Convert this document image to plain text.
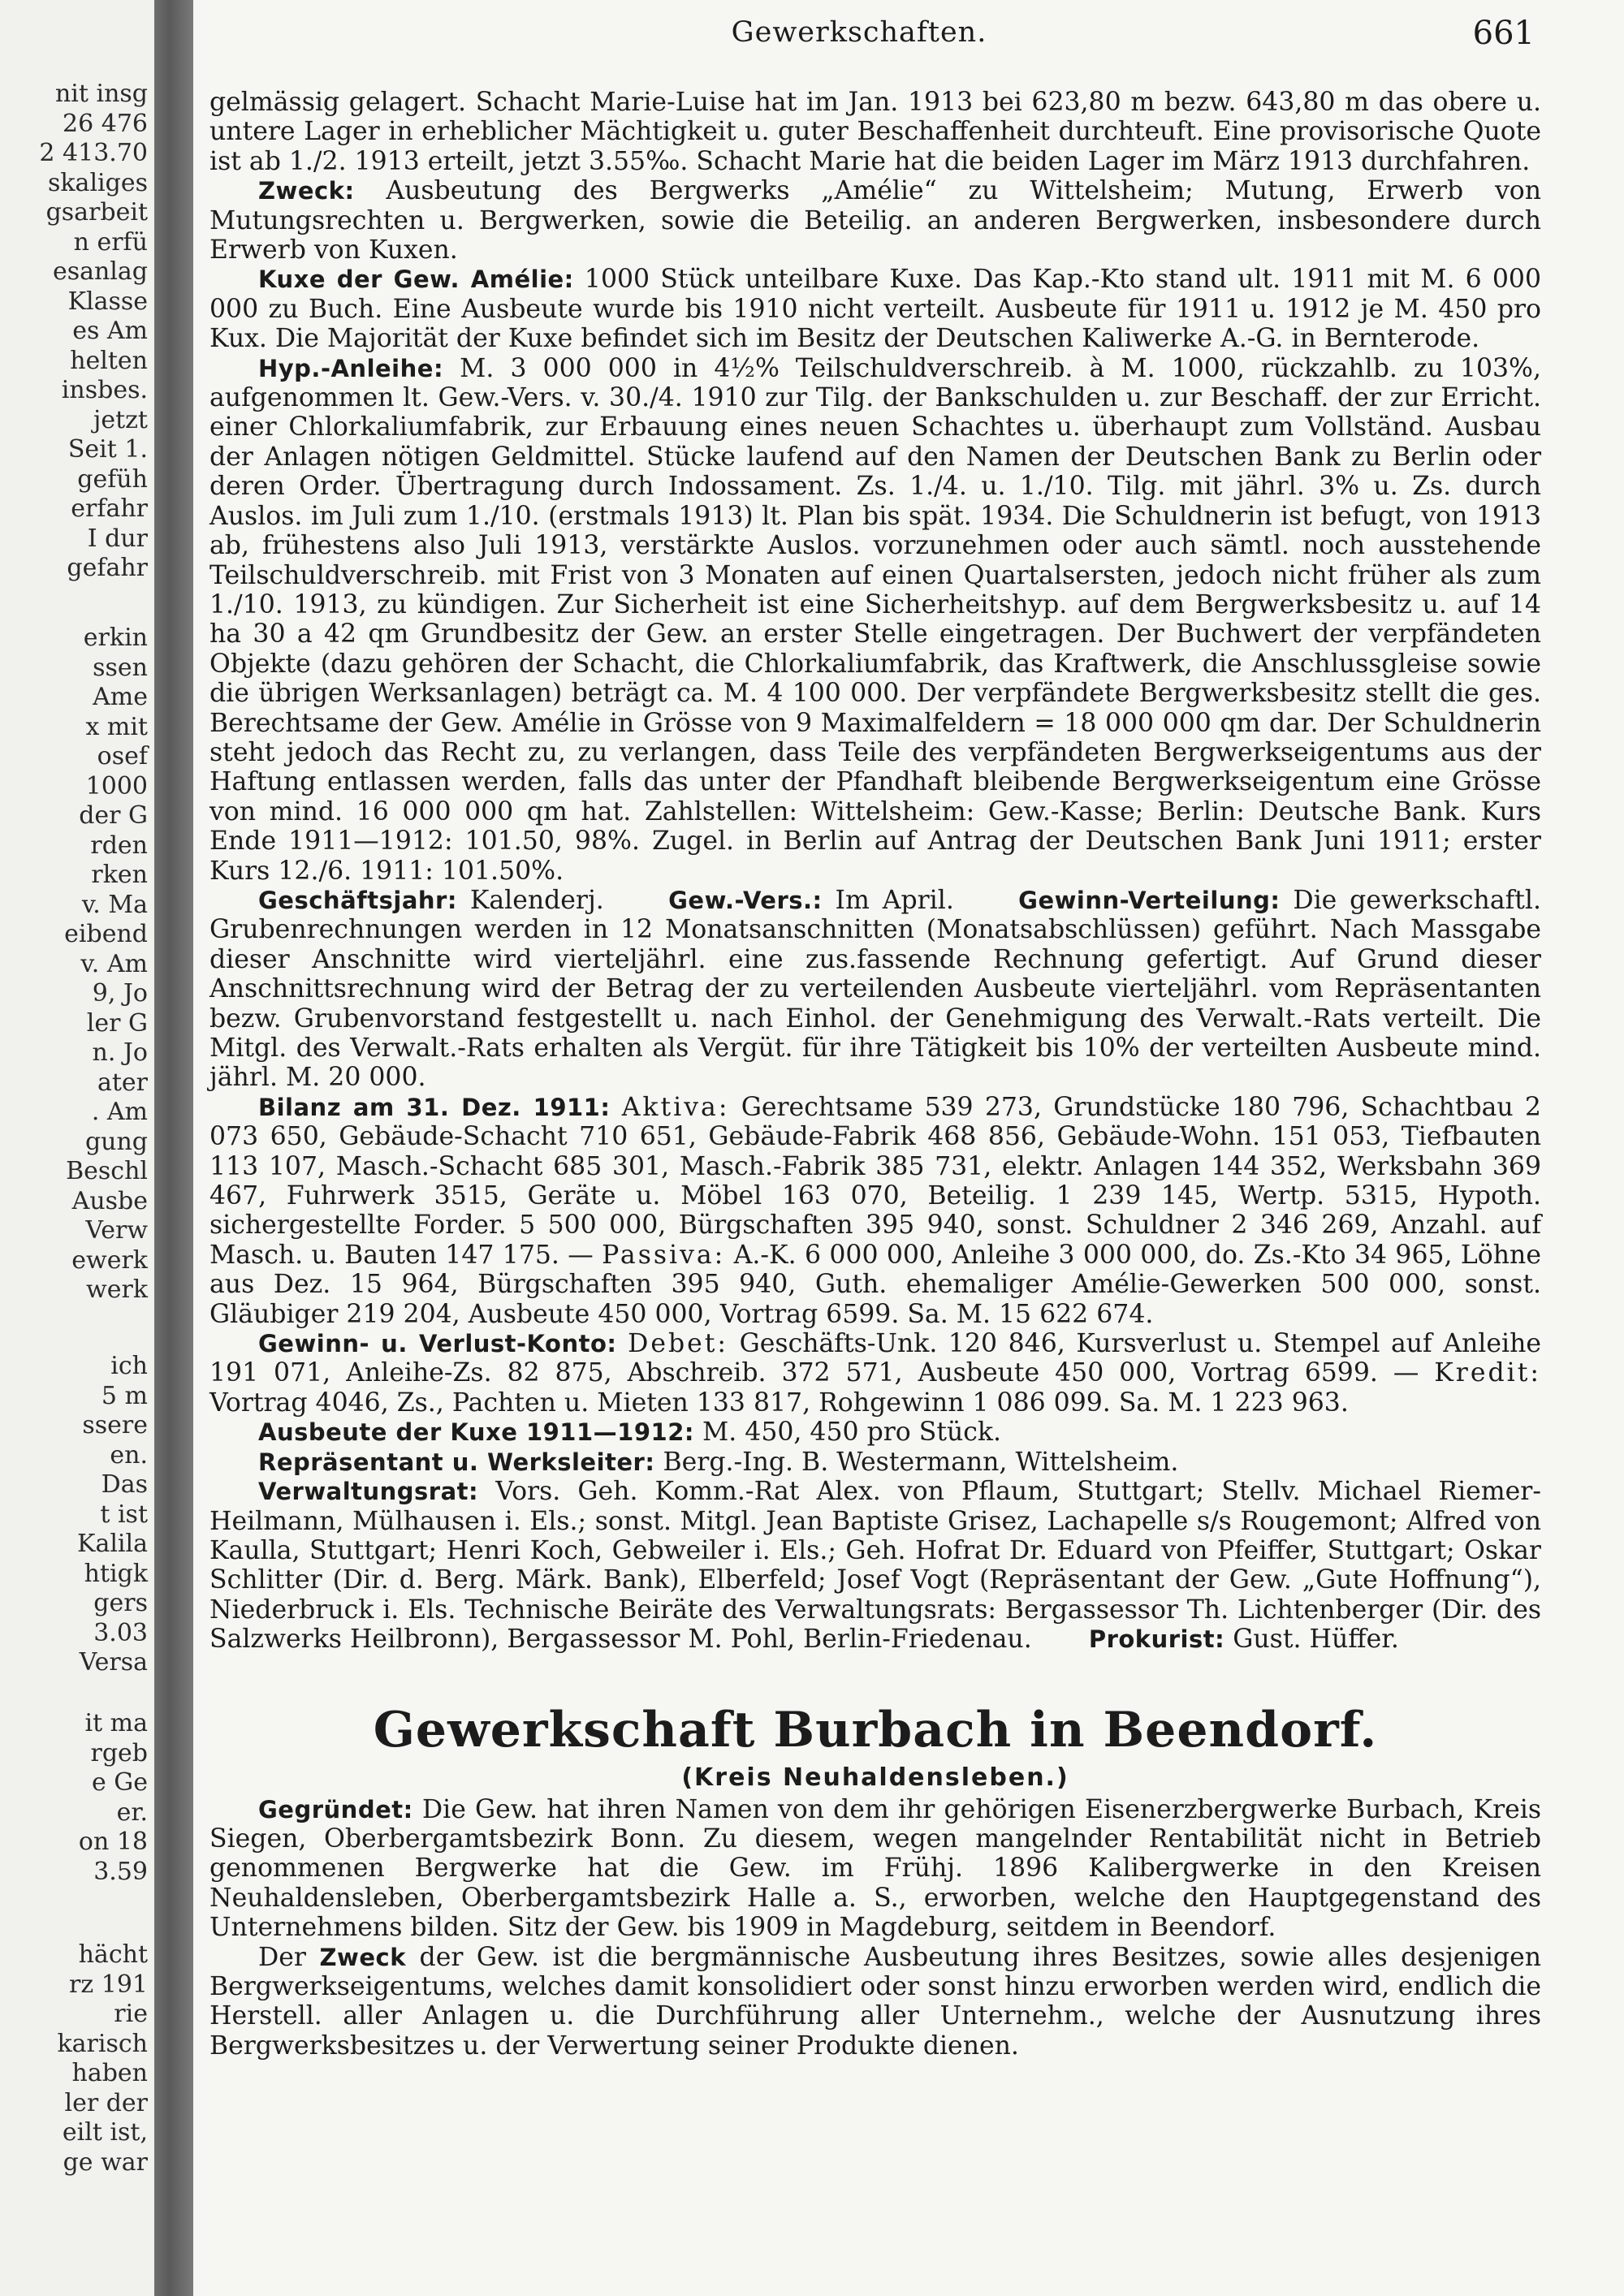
nit insg
26 476
2 413.70
skaliges
gsarbeit
n erfü
esanlag
Klasse
es Am
helten
insbes.
jetzt
Seit 1.
gefüh
erfahr
I dur
gefahr
erkin
ssen
Ame
x mit
osef
1000
der G
rden
rken
v. Ma
eibend
v. Am
9, Jo
ler G
n. Jo
ater
. Am
gung
Beschl
Ausbe
Verw
ewerk
werk
ich
5 m
ssere
en.
Das
t ist
Kalila
htigk
gers
3.03
Versa
it ma
rgeb
e Ge
er.
on 18
3.59
hächt
rz 191
rie
karisch
haben
ler der
eilt ist,
ge war
Gewerkschaften.	661

gelmässig gelagert. Schacht Marie-Luise hat im Jan. 1913 bei 623,80 m bezw. 643,80 m das obere u. untere Lager in erheblicher Mächtigkeit u. guter Beschaffenheit durchteuft. Eine provisorische Quote ist ab 1./2. 1913 erteilt, jetzt 3.55‰. Schacht Marie hat die beiden Lager im März 1913 durchfahren.

Zweck: Ausbeutung des Bergwerks „Amélie“ zu Wittelsheim; Mutung, Erwerb von Mutungsrechten u. Bergwerken, sowie die Beteilig. an anderen Bergwerken, insbesondere durch Erwerb von Kuxen.

Kuxe der Gew. Amélie: 1000 Stück unteilbare Kuxe. Das Kap.-Kto stand ult. 1911 mit M. 6 000 000 zu Buch. Eine Ausbeute wurde bis 1910 nicht verteilt. Ausbeute für 1911 u. 1912 je M. 450 pro Kux. Die Majorität der Kuxe befindet sich im Besitz der Deutschen Kaliwerke A.-G. in Bernterode.

Hyp.-Anleihe: M. 3 000 000 in 4½% Teilschuldverschreib. à M. 1000, rückzahlb. zu 103%, aufgenommen lt. Gew.-Vers. v. 30./4. 1910 zur Tilg. der Bankschulden u. zur Beschaff. der zur Erricht. einer Chlorkaliumfabrik, zur Erbauung eines neuen Schachtes u. überhaupt zum Vollständ. Ausbau der Anlagen nötigen Geldmittel. Stücke laufend auf den Namen der Deutschen Bank zu Berlin oder deren Order. Übertragung durch Indossament. Zs. 1./4. u. 1./10. Tilg. mit jährl. 3% u. Zs. durch Auslos. im Juli zum 1./10. (erstmals 1913) lt. Plan bis spät. 1934. Die Schuldnerin ist befugt, von 1913 ab, frühestens also Juli 1913, verstärkte Auslos. vorzunehmen oder auch sämtl. noch ausstehende Teilschuldverschreib. mit Frist von 3 Monaten auf einen Quartalsersten, jedoch nicht früher als zum 1./10. 1913, zu kündigen. Zur Sicherheit ist eine Sicherheitshyp. auf dem Bergwerksbesitz u. auf 14 ha 30 a 42 qm Grundbesitz der Gew. an erster Stelle eingetragen. Der Buchwert der verpfändeten Objekte (dazu gehören der Schacht, die Chlorkaliumfabrik, das Kraftwerk, die Anschlussgleise sowie die übrigen Werksanlagen) beträgt ca. M. 4 100 000. Der verpfändete Bergwerksbesitz stellt die ges. Berechtsame der Gew. Amélie in Grösse von 9 Maximalfeldern = 18 000 000 qm dar. Der Schuldnerin steht jedoch das Recht zu, zu verlangen, dass Teile des verpfändeten Bergwerkseigentums aus der Haftung entlassen werden, falls das unter der Pfandhaft bleibende Bergwerkseigentum eine Grösse von mind. 16 000 000 qm hat. Zahlstellen: Wittelsheim: Gew.-Kasse; Berlin: Deutsche Bank. Kurs Ende 1911—1912: 101.50, 98%. Zugel. in Berlin auf Antrag der Deutschen Bank Juni 1911; erster Kurs 12./6. 1911: 101.50%.

Geschäftsjahr: Kalenderj.	Gew.-Vers.: Im April.	Gewinn-Verteilung: Die gewerkschaftl. Grubenrechnungen werden in 12 Monatsanschnitten (Monatsabschlüssen) geführt. Nach Massgabe dieser Anschnitte wird vierteljährl. eine zus.fassende Rechnung gefertigt. Auf Grund dieser Anschnittsrechnung wird der Betrag der zu verteilenden Ausbeute vierteljährl. vom Repräsentanten bezw. Grubenvorstand festgestellt u. nach Einhol. der Genehmigung des Verwalt.-Rats verteilt. Die Mitgl. des Verwalt.-Rats erhalten als Vergüt. für ihre Tätigkeit bis 10% der verteilten Ausbeute mind. jährl. M. 20 000.

Bilanz am 31. Dez. 1911: Aktiva: Gerechtsame 539 273, Grundstücke 180 796, Schachtbau 2 073 650, Gebäude-Schacht 710 651, Gebäude-Fabrik 468 856, Gebäude-Wohn. 151 053, Tiefbauten 113 107, Masch.-Schacht 685 301, Masch.-Fabrik 385 731, elektr. Anlagen 144 352, Werksbahn 369 467, Fuhrwerk 3515, Geräte u. Möbel 163 070, Beteilig. 1 239 145, Wertp. 5315, Hypoth. sichergestellte Forder. 5 500 000, Bürgschaften 395 940, sonst. Schuldner 2 346 269, Anzahl. auf Masch. u. Bauten 147 175. — Passiva: A.-K. 6 000 000, Anleihe 3 000 000, do. Zs.-Kto 34 965, Löhne aus Dez. 15 964, Bürgschaften 395 940, Guth. ehemaliger Amélie-Gewerken 500 000, sonst. Gläubiger 219 204, Ausbeute 450 000, Vortrag 6599. Sa. M. 15 622 674.

Gewinn- u. Verlust-Konto: Debet: Geschäfts-Unk. 120 846, Kursverlust u. Stempel auf Anleihe 191 071, Anleihe-Zs. 82 875, Abschreib. 372 571, Ausbeute 450 000, Vortrag 6599. — Kredit: Vortrag 4046, Zs., Pachten u. Mieten 133 817, Rohgewinn 1 086 099. Sa. M. 1 223 963.

Ausbeute der Kuxe 1911—1912: M. 450, 450 pro Stück.

Repräsentant u. Werksleiter: Berg.-Ing. B. Westermann, Wittelsheim.

Verwaltungsrat: Vors. Geh. Komm.-Rat Alex. von Pflaum, Stuttgart; Stellv. Michael Riemer-Heilmann, Mülhausen i. Els.; sonst. Mitgl. Jean Baptiste Grisez, Lachapelle s/s Rougemont; Alfred von Kaulla, Stuttgart; Henri Koch, Gebweiler i. Els.; Geh. Hofrat Dr. Eduard von Pfeiffer, Stuttgart; Oskar Schlitter (Dir. d. Berg. Märk. Bank), Elberfeld; Josef Vogt (Repräsentant der Gew. „Gute Hoffnung“), Niederbruck i. Els. Technische Beiräte des Verwaltungsrats: Bergassessor Th. Lichtenberger (Dir. des Salzwerks Heilbronn), Bergassessor M. Pohl, Berlin-Friedenau. Prokurist: Gust. Hüffer.

Gewerkschaft Burbach in Beendorf.
(Kreis Neuhaldensleben.)

Gegründet: Die Gew. hat ihren Namen von dem ihr gehörigen Eisenerzbergwerke Burbach, Kreis Siegen, Oberbergamtsbezirk Bonn. Zu diesem, wegen mangelnder Rentabilität nicht in Betrieb genommenen Bergwerke hat die Gew. im Frühj. 1896 Kalibergwerke in den Kreisen Neuhaldensleben, Oberbergamtsbezirk Halle a. S., erworben, welche den Hauptgegenstand des Unternehmens bilden. Sitz der Gew. bis 1909 in Magdeburg, seitdem in Beendorf.

Der Zweck der Gew. ist die bergmännische Ausbeutung ihres Besitzes, sowie alles desjenigen Bergwerkseigentums, welches damit konsolidiert oder sonst hinzu erworben werden wird, endlich die Herstell. aller Anlagen u. die Durchführung aller Unternehm., welche der Ausnutzung ihres Bergwerksbesitzes u. der Verwertung seiner Produkte dienen.
